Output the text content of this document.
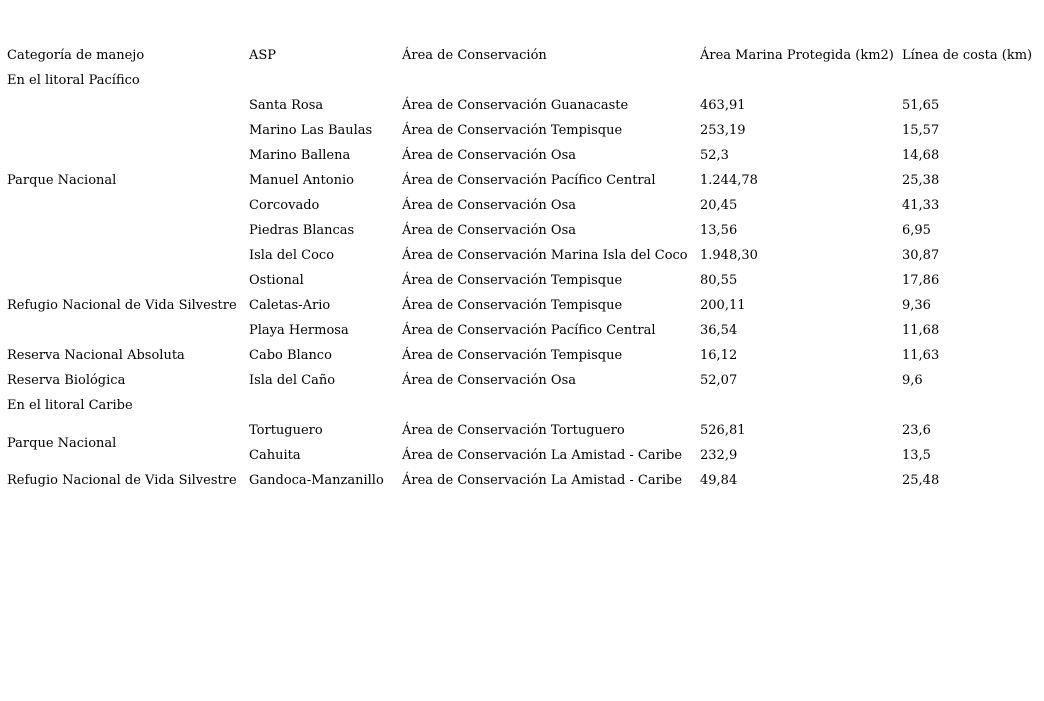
Categoría de manejo	ASP	Área de Conservación	Área Marina Protegida (km2)	Línea de costa (km)
En el litoral Pacífico				
	Santa Rosa	Área de Conservación Guanacaste	463,91	51,65
	Marino Las Baulas	Área de Conservación Tempisque	253,19	15,57
	Marino Ballena	Área de Conservación Osa	52,3	14,68
Parque Nacional	Manuel Antonio	Área de Conservación Pacífico Central	1.244,78	25,38
	Corcovado	Área de Conservación Osa	20,45	41,33
	Piedras Blancas	Área de Conservación Osa	13,56	6,95
	Isla del Coco	Área de Conservación Marina Isla del Coco	1.948,30	30,87
	Ostional	Área de Conservación Tempisque	80,55	17,86
Refugio Nacional de Vida Silvestre	Caletas-Ario	Área de Conservación Tempisque	200,11	9,36
	Playa Hermosa	Área de Conservación Pacífico Central	36,54	11,68
Reserva Nacional Absoluta	Cabo Blanco	Área de Conservación Tempisque	16,12	11,63
Reserva Biológica	Isla del Caño	Área de Conservación Osa	52,07	9,6
En el litoral Caribe				
Parque Nacional	Tortuguero	Área de Conservación Tortuguero	526,81	23,6
	Cahuita	Área de Conservación La Amistad - Caribe	232,9	13,5
Refugio Nacional de Vida Silvestre	Gandoca-Manzanillo	Área de Conservación La Amistad - Caribe	49,84	25,48
